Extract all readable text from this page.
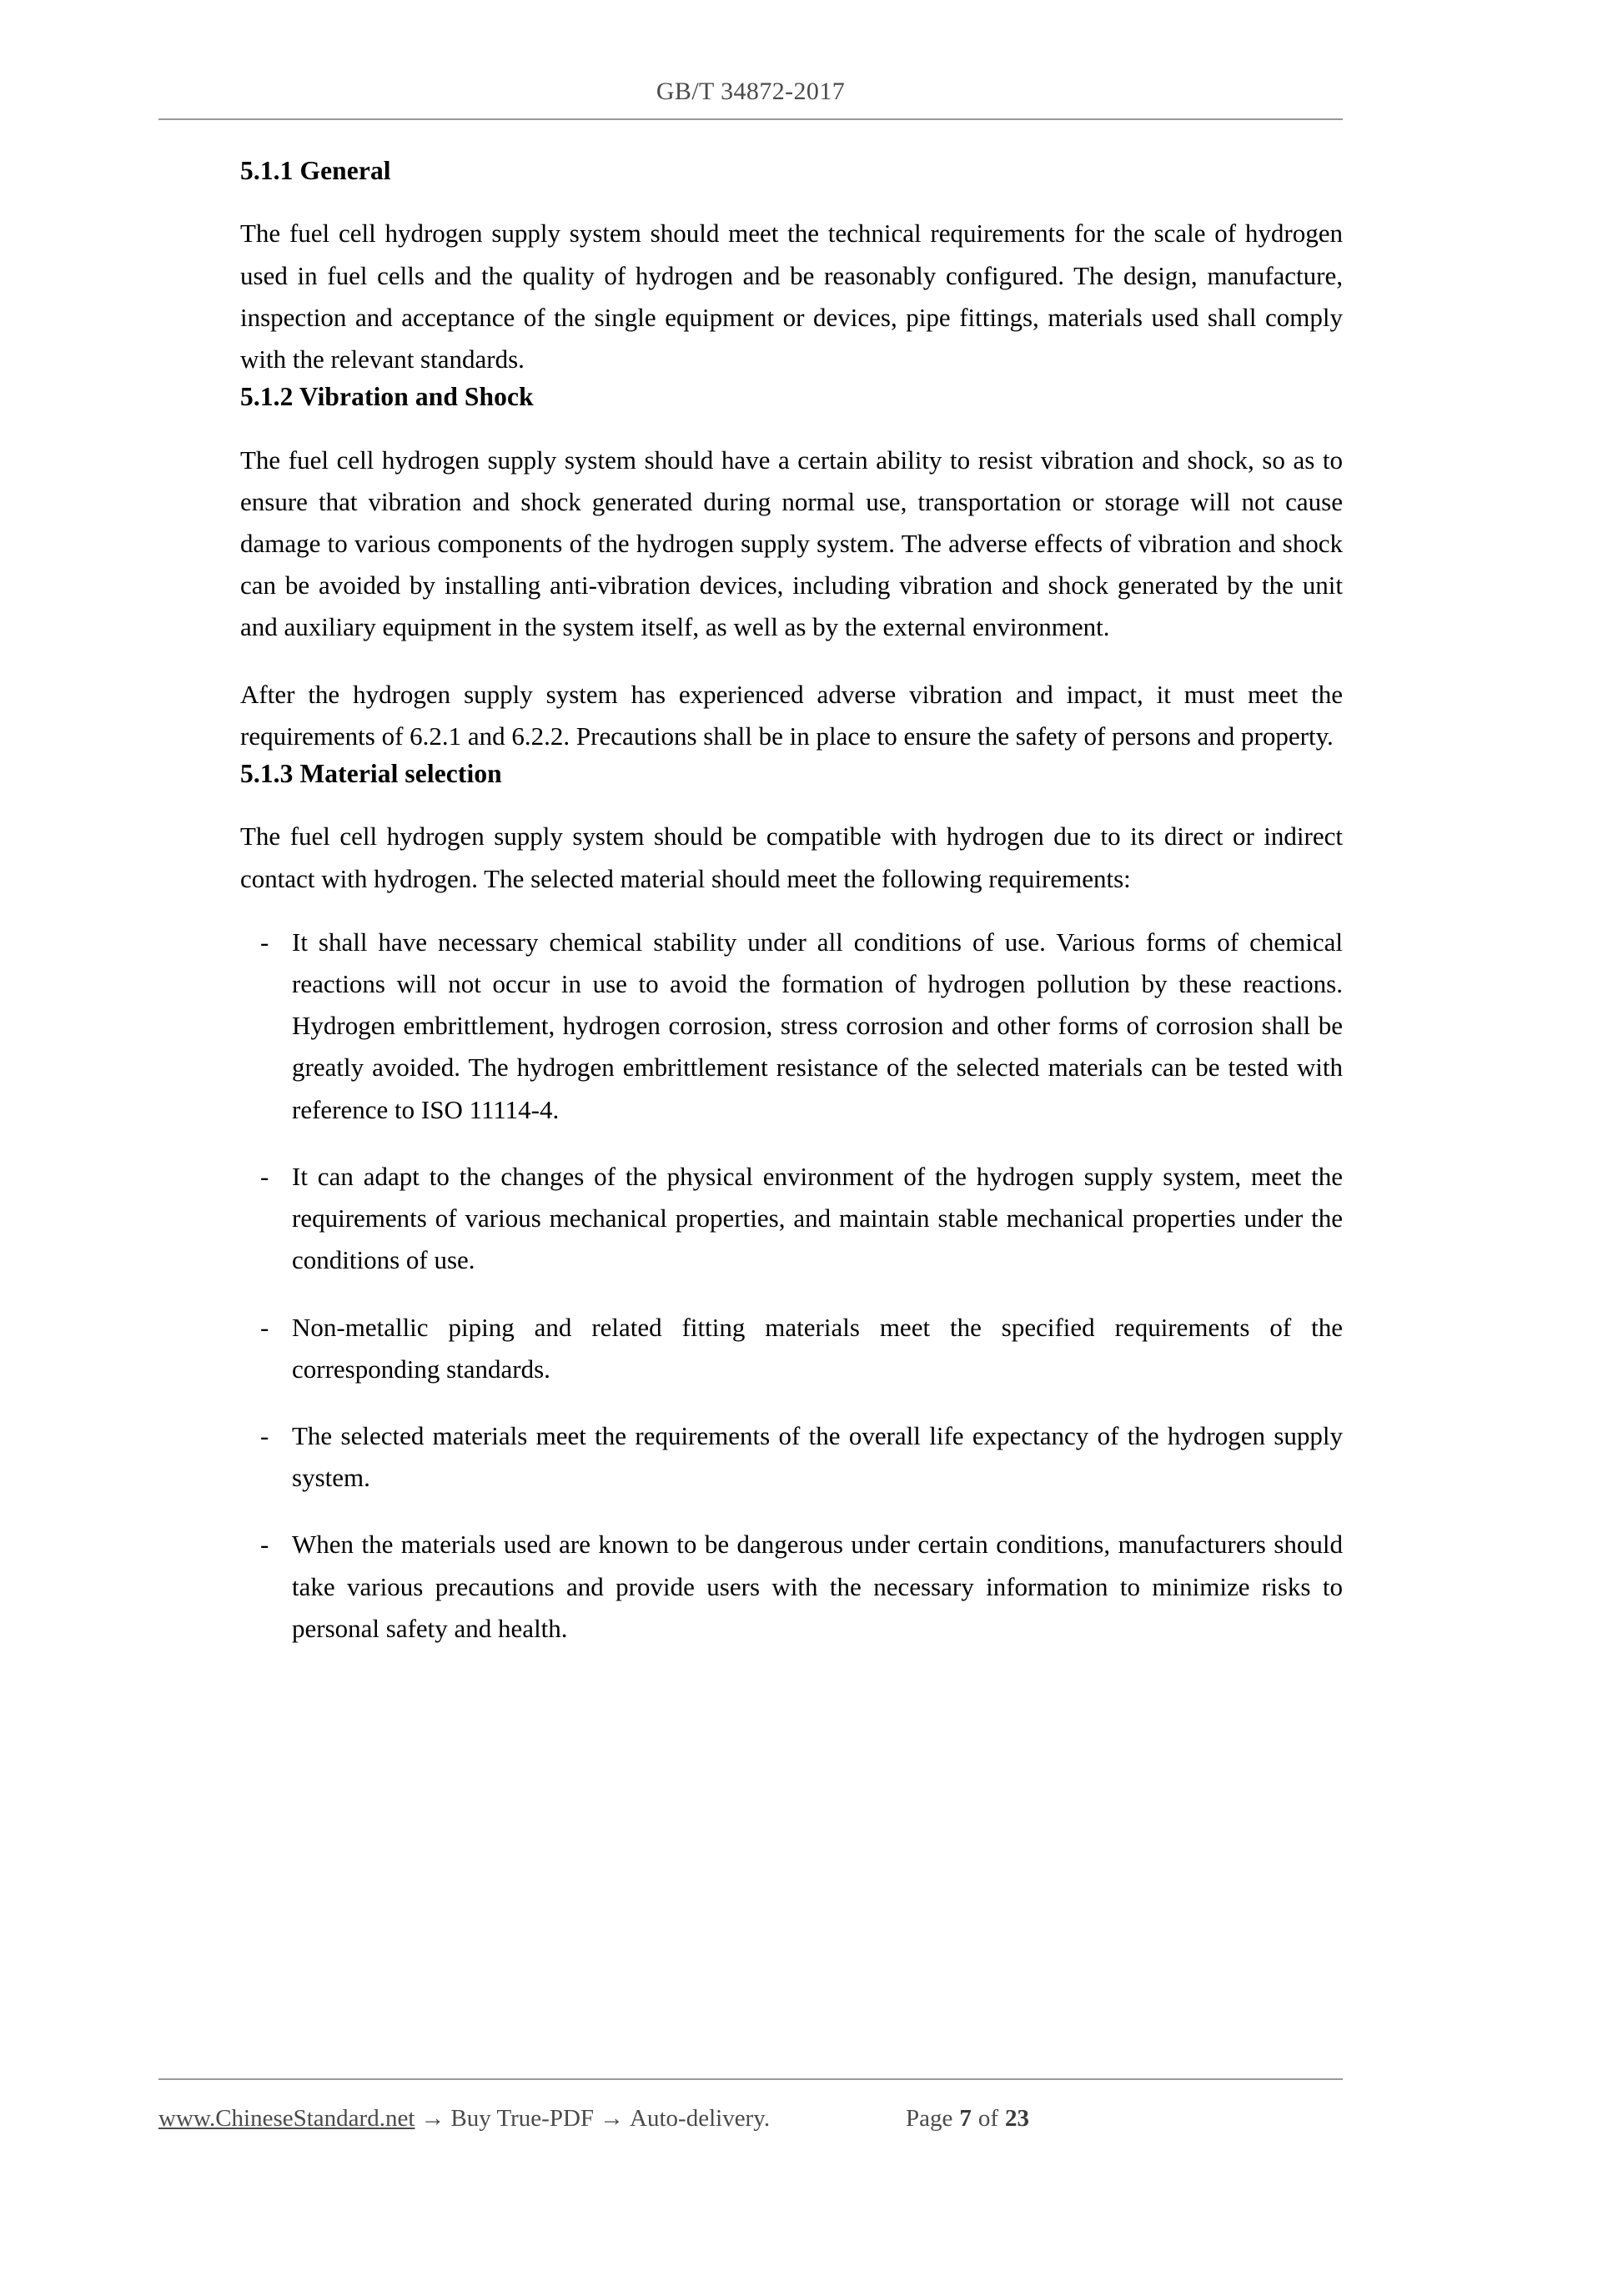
GB/T 34872-2017
5.1.1 General

The fuel cell hydrogen supply system should meet the technical requirements for the scale of hydrogen used in fuel cells and the quality of hydrogen and be reasonably configured. The design, manufacture, inspection and acceptance of the single equipment or devices, pipe fittings, materials used shall comply with the relevant standards.

5.1.2 Vibration and Shock

The fuel cell hydrogen supply system should have a certain ability to resist vibration and shock, so as to ensure that vibration and shock generated during normal use, transportation or storage will not cause damage to various components of the hydrogen supply system. The adverse effects of vibration and shock can be avoided by installing anti-vibration devices, including vibration and shock generated by the unit and auxiliary equipment in the system itself, as well as by the external environment.

After the hydrogen supply system has experienced adverse vibration and impact, it must meet the requirements of 6.2.1 and 6.2.2. Precautions shall be in place to ensure the safety of persons and property.

5.1.3 Material selection

The fuel cell hydrogen supply system should be compatible with hydrogen due to its direct or indirect contact with hydrogen. The selected material should meet the following requirements:

- It shall have necessary chemical stability under all conditions of use. Various forms of chemical reactions will not occur in use to avoid the formation of hydrogen pollution by these reactions. Hydrogen embrittlement, hydrogen corrosion, stress corrosion and other forms of corrosion shall be greatly avoided. The hydrogen embrittlement resistance of the selected materials can be tested with reference to ISO 11114-4.
- It can adapt to the changes of the physical environment of the hydrogen supply system, meet the requirements of various mechanical properties, and maintain stable mechanical properties under the conditions of use.
- Non-metallic piping and related fitting materials meet the specified requirements of the corresponding standards.
- The selected materials meet the requirements of the overall life expectancy of the hydrogen supply system.
- When the materials used are known to be dangerous under certain conditions, manufacturers should take various precautions and provide users with the necessary information to minimize risks to personal safety and health.
www.ChineseStandard.net → Buy True-PDF → Auto-delivery.	Page 7 of 23
